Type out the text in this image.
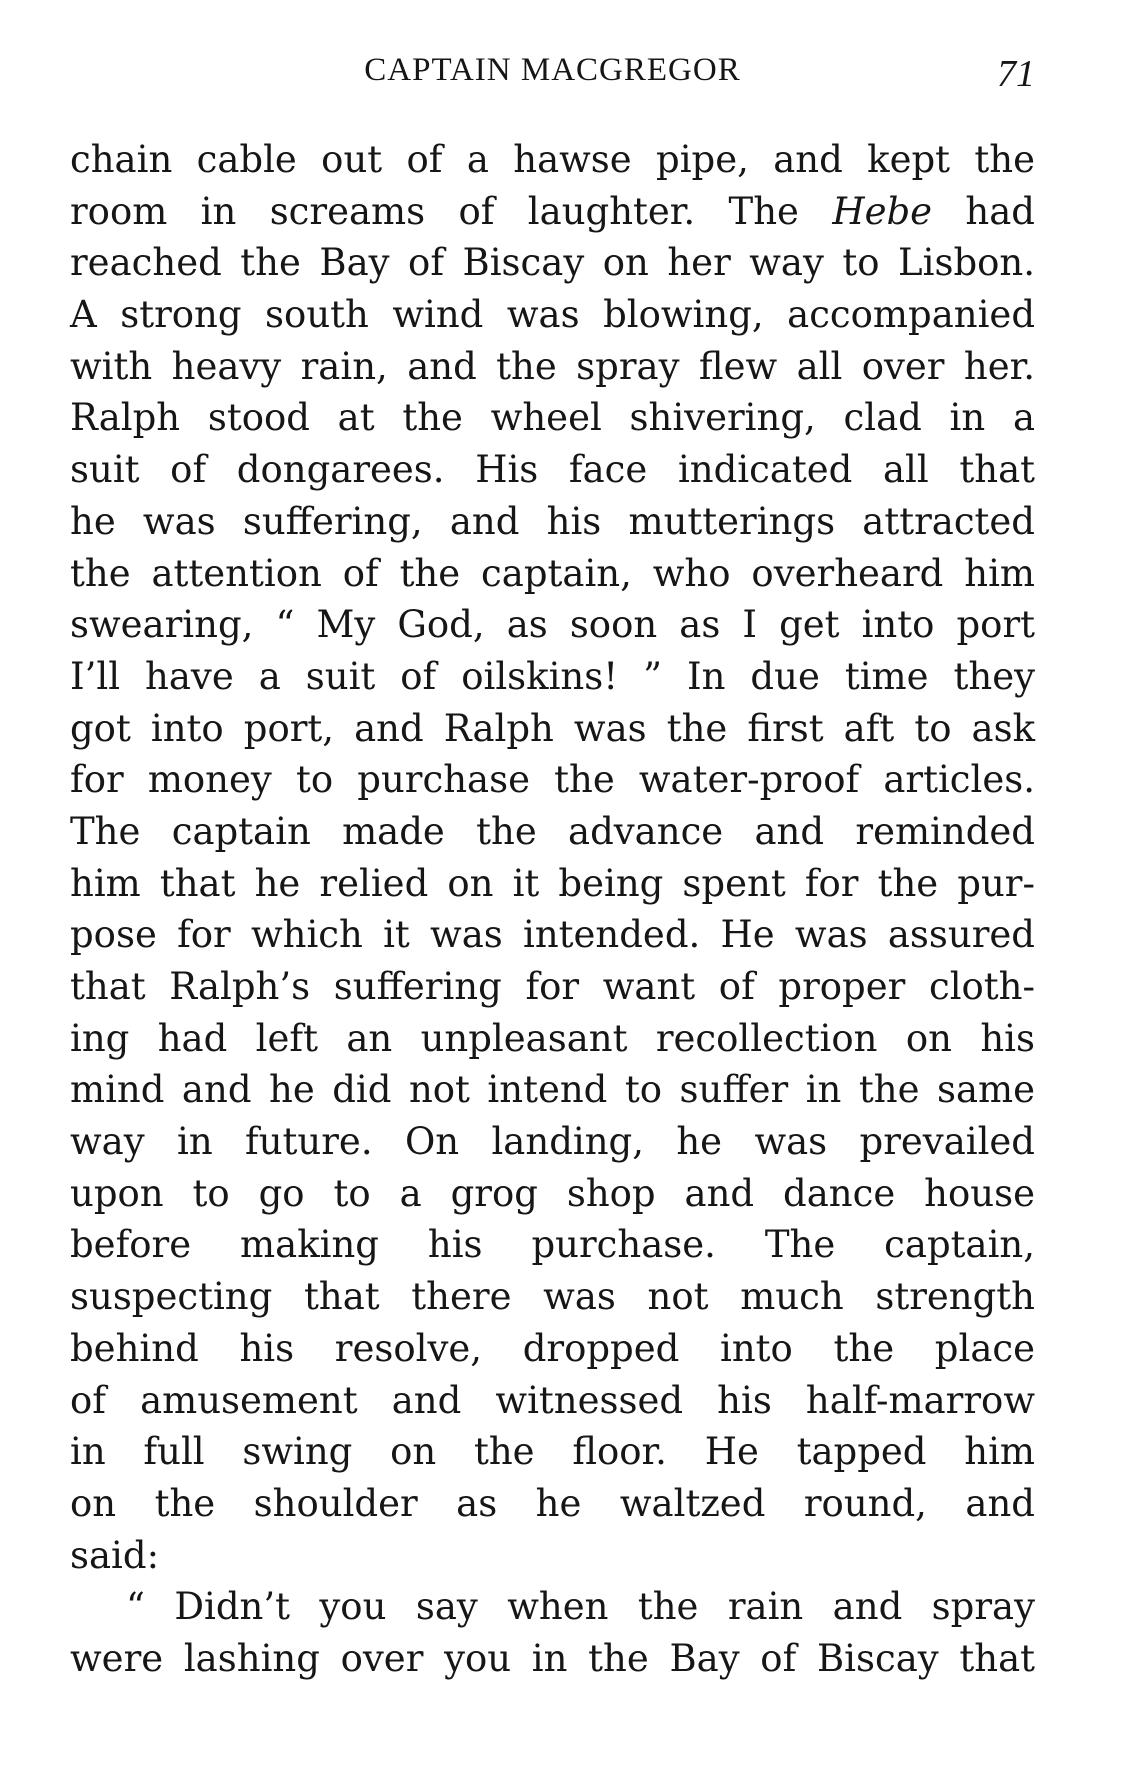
CAPTAIN MACGREGOR	71
chain cable out of a hawse pipe, and kept the
room in screams of laughter. The Hebe had
reached the Bay of Biscay on her way to Lisbon.
A strong south wind was blowing, accompanied
with heavy rain, and the spray flew all over her.
Ralph stood at the wheel shivering, clad in a
suit of dongarees. His face indicated all that
he was suffering, and his mutterings attracted
the attention of the captain, who overheard him
swearing, “ My God, as soon as I get into port
I’ll have a suit of oilskins! ” In due time they
got into port, and Ralph was the first aft to ask
for money to purchase the water-proof articles.
The captain made the advance and reminded
him that he relied on it being spent for the pur-
pose for which it was intended. He was assured
that Ralph’s suffering for want of proper cloth-
ing had left an unpleasant recollection on his
mind and he did not intend to suffer in the same
way in future. On landing, he was prevailed
upon to go to a grog shop and dance house
before making his purchase. The captain,
suspecting that there was not much strength
behind his resolve, dropped into the place
of amusement and witnessed his half-marrow
in full swing on the floor. He tapped him
on the shoulder as he waltzed round, and
said:
“ Didn’t you say when the rain and spray
were lashing over you in the Bay of Biscay that
